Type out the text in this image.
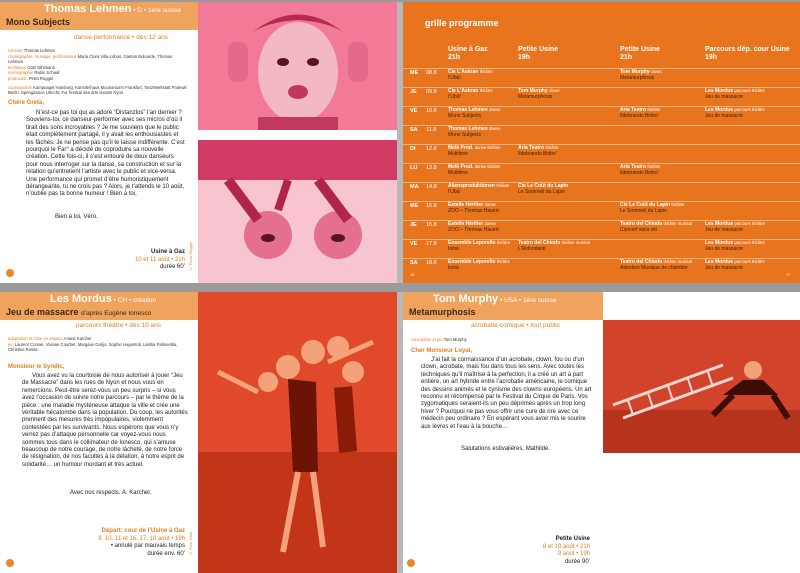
Thomas Lehmen • D • 1ère suisse
Mono Subjects
danse-performance • dès 12 ans
concept Thomas Lehmen
chorégraphie, musique, performance Maria Clara Villa-Lobos, Gaëtan Bulourde, Thomas Lehmen
technique Götz Dihlmann
scénographie Rabin Schaaf
production Petra Roggel
coproduction Kampnagel Hamburg, Künstlerhaus Mousonturm Frankfurt, TanzWerkstatt Podewil Berlin, Springdance Utrecht, Fur festival des arts vivants Nyon
Chère Greta,

N’est-ce pas toi qui as adoré “Distanzlos” l’an dernier ? Souviens-toi, ce danseur-performer avec ses micros d’où il tirait des sons incroyables ? Je me souviens que le public était complètement partagé, il y avait les enthousiastes et les fâchés. Je ne pense pas qu’il te laisse indifférente. C’est pourquoi le Far° a décidé de coproduire sa nouvelle création. Cette fois-ci, il s’est entouré de deux danseurs pour nous interroger sur la danse, sa construction et sur la relation qu’entretient l’artiste avec le public et vice-versa. Une performance qui promet d’être humoristiquement dérangeante, tu ne crois pas ? Alors, je t’attends le 10 août, n’oublie pas ta bonne humeur ! Bien à toi,

Bien à toi, Véro.
Usine à Gaz
10 et 11 août • 21h
durée 60’ © Petra Roggel
grille programme
Usine à Gaz
21h
Petite Usine
19h
Petite Usine
21h
Parcours dép. cour Usine
19h
ME 08.8 Cie L’Askran théâtre
l’Ubü!
Tom Murphy clown
Metamurphosis
JE 09.8 Cie L’Askran théâtre
l’Ubü!
Tom Murphy clown
Metamurphosis
Les Mordus parcours théâtre
Jeu de massacre
VE 10.8 Thomas Lehmen danse
Mono Subjects
Aria Teatro théâtre
Ildebrando Biribo’
Les Mordus parcours théâtre
Jeu de massacre
SA 11.8 Thomas Lehmen danse
Mono Subjects
DI 12.8 Melk Prod. danse-théâtre
Multitime
Aria Teatro théâtre
Ildebrando Biribo’
LU 13.8 Melk Prod. danse-théâtre
Multitime
Aria Teatro théâtre
Ildebrando Biribo’
MA 14.8 Aliensproduktionen théâtre
l’Ubü!
Cie Le Coût du Lapin
Le Sommeil du Lapin
ME 15.8 Estelle Héritier danse
ZOO – Thomas Hauert
Cie Le Coût du Lapin théâtre
Le Sommeil du Lapin
JE 16.8 Estelle Héritier danse
ZOO – Thomas Hauert
Teatro del Chiodo théâtre musical
Concert sans ski
Les Mordus parcours théâtre
Jeu de massacre
VE 17.8 Ensemble Leporello théâtre
Ismä
Teatro del Chiodo théâtre musical
L’Ridondanti
Les Mordus parcours théâtre
Jeu de massacre
SA 18.8 Ensemble Leporello théâtre
Ismä
Teatro del Chiodo théâtre musical
Attention Musique de chambre
Les Mordus parcours théâtre
Jeu de massacre
16	17
Les Mordus • CH • création
Jeu de massacre d’après Eugène Ionesco
parcours théâtre • dès 10 ans
adaptation et mise en espace Ariane Karcher
jeu Laurent Comas, Viviane Courbet, Margaux Garijo, Sophie Hugentoli, Lætitia Palmentila, Christine Rosita
Monsieur le Syndic,

Vous avez vu la courtoisie de nous autoriser à jouer “Jeu de Massacre” dans les rues de Nyon et nous vous en remercions. Peut-être serez-vous un peu surpris – si vous avez l’occasion de suivre notre parcours – par le thème de la pièce : une maladie mystérieuse attaque la ville et crée une véritable hécatombe dans la population. Du coup, les autorités prennent des mesures très impopulaires, violemment contestées par les survivants. Nous espérons que vous n’y verrez pas d’attaque personnelle car voyez-vous nous sommes tous dans le collimateur de Ionesco, qui s’amuse beaucoup de notre courage, de notre lâcheté, de notre force de résignation, de nos facultés à la délation, à notre esprit de solidarité… un humour mordant et très actuel.

Avec nos respects. A. Karcher.
Départ: cour de l’Usine à Gaz
9, 10, 11 et 16, 17, 18 août • 19h
• annulé par mauvais temps
durée env. 60’ © Kröll Jotta
Tom Murphy • USA • 1ère suisse
Metamurphosis
acrobatie-comique • tout public
conception et jeu Tom Murphy
Cher Monsieur Loyal,

J’ai fait la connaissance d’un acrobate, clown, fou ou d’un clown, acrobate, mais fou dans tous les sens. Avec toutes les techniques qu’il maîtrise à la perfection, il a créé un art à part entière, un art hybride entre l’acrobatie américaine, le comique des dessins animés et le cynisme des clowns européens. Un art reconnu et récompensé par le Festival du Cirque de Paris. Vos zygomatiques seraient-ils un peu déprimés après un trop long hiver ? Pourquoi ne pas vous offrir une cure de rire avec ce médecin peu ordinaire ? En espérant vous avoir mis le sourire aux lèvres et l’eau à la bouche…

Salutations estivalières, Mathilde.
Petite Usine
8 et 10 août • 21h
9 août • 19h
durée 90’
